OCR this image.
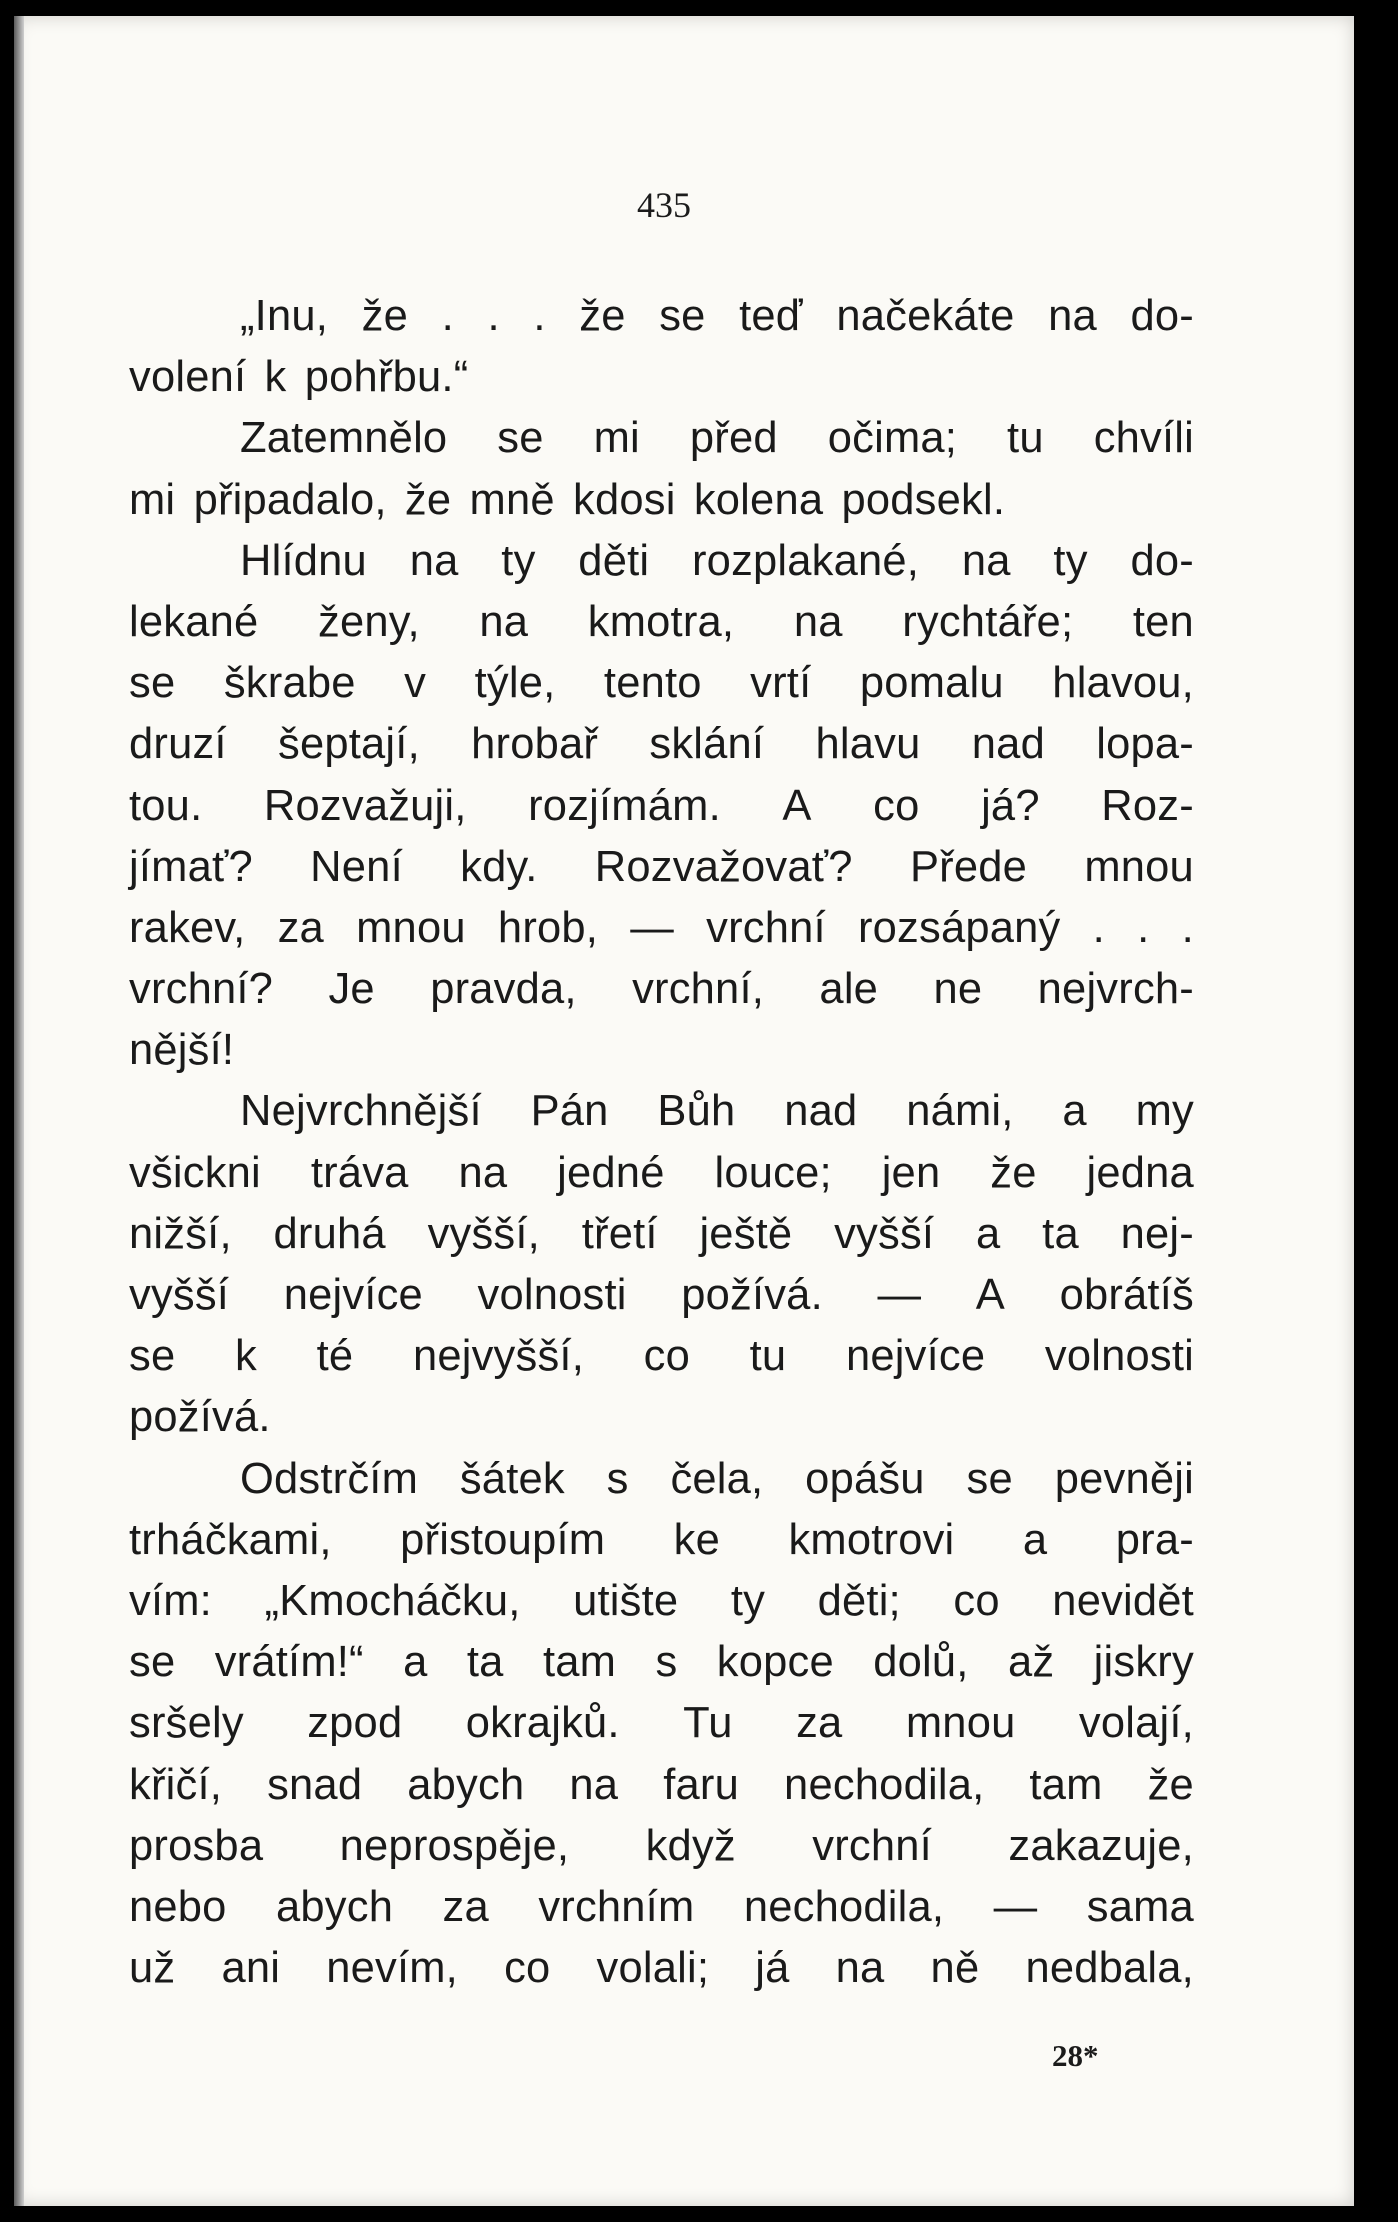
435
„Inu, že . . . že se teď načekáte na do-
volení k pohřbu.“
Zatemnělo se mi před očima; tu chvíli
mi připadalo, že mně kdosi kolena podsekl.
Hlídnu na ty děti rozplakané, na ty do-
lekané ženy, na kmotra, na rychtáře; ten
se škrabe v týle, tento vrtí pomalu hlavou,
druzí šeptají, hrobař sklání hlavu nad lopa-
tou. Rozvažuji, rozjímám. A co já? Roz-
jímať? Není kdy. Rozvažovať? Přede mnou
rakev, za mnou hrob, — vrchní rozsápaný . . .
vrchní? Je pravda, vrchní, ale ne nejvrch-
nější!
Nejvrchnější Pán Bůh nad námi, a my
všickni tráva na jedné louce; jen že jedna
nižší, druhá vyšší, třetí ještě vyšší a ta nej-
vyšší nejvíce volnosti požívá. — A obrátíš
se k té nejvyšší, co tu nejvíce volnosti
požívá.
Odstrčím šátek s čela, opášu se pevněji
trháčkami, přistoupím ke kmotrovi a pra-
vím: „Kmocháčku, utište ty děti; co nevidět
se vrátím!“ a ta tam s kopce dolů, až jiskry
sršely zpod okrajků. Tu za mnou volají,
křičí, snad abych na faru nechodila, tam že
prosba neprospěje, když vrchní zakazuje,
nebo abych za vrchním nechodila, — sama
už ani nevím, co volali; já na ně nedbala,
28*
